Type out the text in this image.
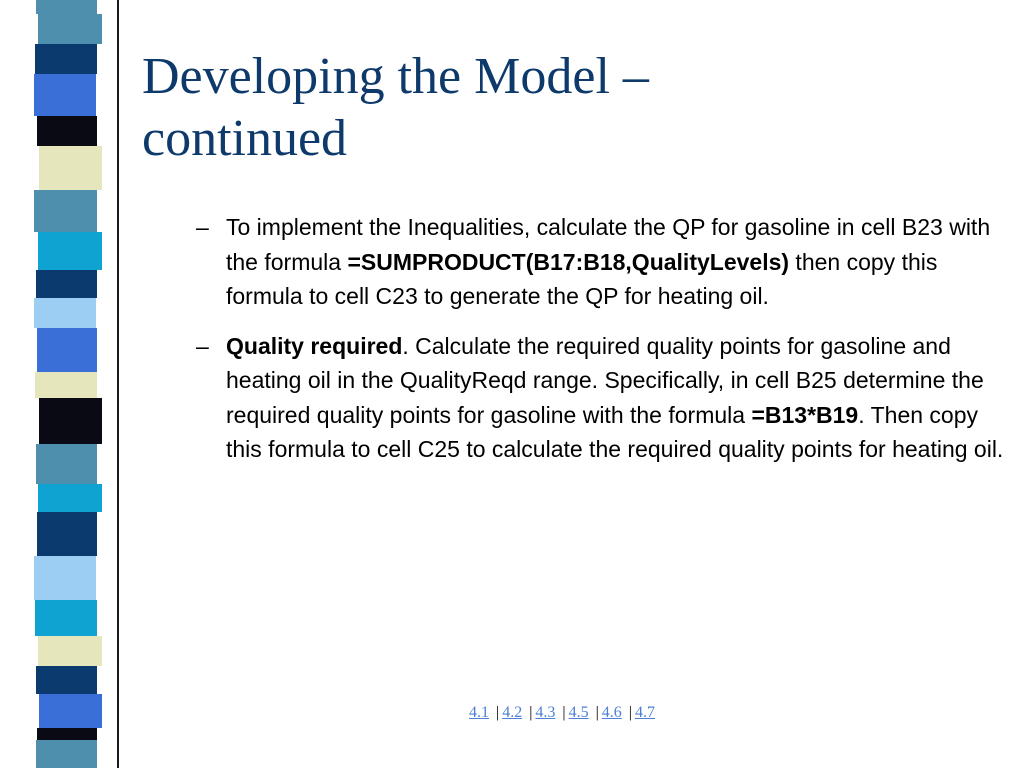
Developing the Model –
continued
– To implement the Inequalities, calculate the QP for gasoline in cell B23 with the formula =SUMPRODUCT(B17:B18,QualityLevels) then copy this formula to cell C23 to generate the QP for heating oil.
– Quality required. Calculate the required quality points for gasoline and heating oil in the QualityReqd range. Specifically, in cell B25 determine the required quality points for gasoline with the formula =B13*B19. Then copy this formula to cell C25 to calculate the required quality points for heating oil.
4.1 | 4.2 | 4.3 | 4.5 | 4.6 | 4.7
